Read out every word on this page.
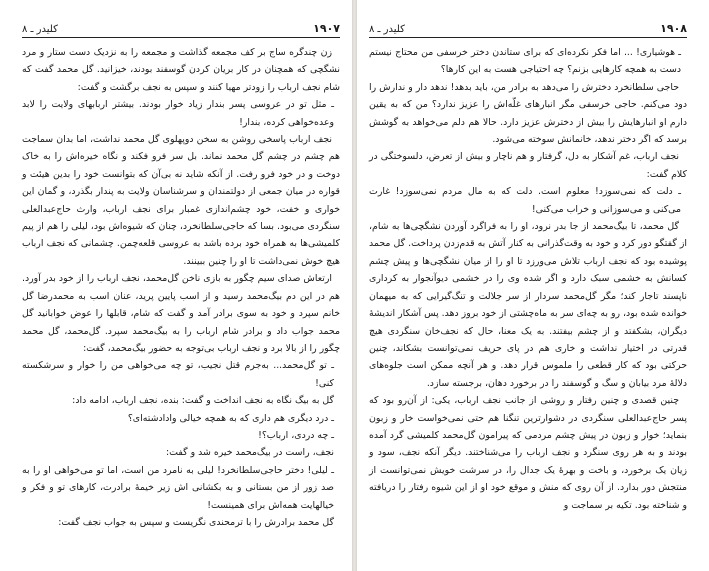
۱۹۰۷
کلیدر ـ ۸

زن چندگره ساج بر کف مجمعه گذاشت و مجمعه را به نزدیک دست ستار و مرد نشگچی که همچنان در کار بریان کردن گوسفند بودند، خیزانید. گل محمد گفت که شام نجف ارباب را زودتر مهیا کنند و سپس به نجف برگشت و گفت:

ـ مثل تو در عروسی پسر بندار زیاد خوار بودند. بیشتر اربابهای ولایت را لابد وعده‌خواهی کرده، بندار!

نجف ارباب پاسخی روشن به سخن دوپهلوی گل محمد نداشت، اما بدان سماجت هم چشم در چشم گل محمد نماند. بل سر فرو فکند و نگاه خیره‌اش را به خاک دوخت و در خود فرو رفت. از آنکه شاید نه بی‌آن که بتوانست خود را بدین هیئت و قواره در میان جمعی از دولتمندان و سرشناسان ولایت به پندار بگذرد، و گمان این خواری و خفت، خود چشم‌اندازی غمبار برای نجف ارباب، وارث حاج‌عبدالعلی سنگردی می‌بود. بسا که حاجی‌سلطانخرد، چنان که شیوه‌اش بود، لیلی را هم از پیم کلمیشی‌ها به همراه خود برده باشد به عروسی قلعه‌چمن. چشمانی که نجف ارباب هیچ خوش نمی‌داشت تا او را چنین ببینند.

ارتعاش صدای سیم چگور به بازی ناخن گل‌محمد، نجف ارباب را از خود بدر آورد. هم در این دم بیگ‌محمد رسید و از اسب پایین پرید، عنان اسب به محمدرضا گل خانم سپرد و خود به سوی برادر آمد و گفت که شام، قابلها را عوض خوابانید گل محمد جواب داد و برادر شام ارباب را به بیگ‌محمد سپرد. گل‌محمد، گل محمد چگور را از بالا برد و نجف ارباب بی‌توجه به حضور بیگ‌محمد، گفت:

ـ تو گل‌محمد... به‌جرم قتل نجیب، تو چه می‌خواهی من را خوار و سرشکسته کنی!

گل به بیگ نگاه به نجف انداخت و گفت: بنده، نجف ارباب، ادامه داد:

ـ درد دیگری هم داری که به همچه خیالی وادادشته‌ای؟

ـ چه دردی، ارباب؟!

نجف، راست در بیگ‌محمد خیره شد و گفت:

ـ لیلی! دختر حاجی‌سلطانخرد! لیلی به نامرد من است، اما تو می‌خواهی او را به صد زور از من بستانی و به بکشانی‌ اش زیر خیمهٔ برادرت، کارهای تو و فکر و خیالهایت همه‌اش برای همینست!

گل محمد برادرش را با ترمحندی نگریست و سپس به جواب نجف گفت:

۱۹۰۸
کلیدر ـ ۸

ـ هوشیاری! ... اما فکر نکرده‌ای که برای ستاندن دختر خرسفی من محتاج نیستم دست به همچه کارهایی بزنم؟ چه احتیاجی هست به این کارها؟

حاجی سلطانخرد دخترش را می‌دهد به برادر من، باید بدهد! ندهد دار و ندارش را دود می‌کنم. حاجی خرسفی مگر انبارهای غلّه‌اش را عزیز ندارد؟ من که به یقین دارم او انبارهایش را بیش از دخترش عزیز دارد. حالا هم دلم می‌خواهد به گوشش برسد که اگر دختر ندهد، خانمانش سوخته می‌شود.

نجف ارباب، غم آشکار به دل، گرفتار و هم ناچار و بیش از تعرض، دلسوختگی در کلام گفت:

ـ دلت که نمی‌سوزد! معلوم است. دلت که به مال مردم نمی‌سوزد! غارت می‌کنی و می‌سوزانی و خراب می‌کنی!

گل محمد، تا بیگ‌محمد از جا بدر نرود، او را به فراگرد آوردن نشگچی‌ها به شام، از گفتگو دور کرد و خود به وقت‌گذرانی به کنار آتش به قدم‌زدن پرداخت. گل محمد پوشیده بود که نجف ارباب تلاش می‌ورزد تا او را از میان نشگچی‌ها و پیش چشم کسانش به خشمی سبک دارد و اگر شده وی را در خشمی دیو‌آنجوار به کرداری ناپسند تاجار کند؛ مگر گل‌محمد سردار از سر جلالت و تنگ‌گیرایی که به میهمان خوانده شده بود، رو به چه‌ای‌ سر به ماه‌چشتی از خود بروز دهد. پس آشکار اندیشهٔ دیگران، بشکفتد و از چشم بیفتند. به یک معنا، حال که نجف‌خان سنگردی هیچ قدرتی در اختیار نداشت و خاری هم در پای حریف نمی‌توانست بشکاند، چنین حرکتی بود که کار قطعی را ملموس قرار دهد. و هر آنچه ممکن است جلوه‌های دلالهٔ مرد بیابان و سگ و گوسفند را در برخورد دهان، برجسته سازد.

چنین قصدی و چنین رفتار و روشی از جانب نجف ارباب، یکی: از آن‌رو بود که پسر حاج‌عبدالعلی سنگردی در دشوارترین تنگنا هم حتی نمی‌خواست خار و زبون بنماید؛ خوار و زبون در پیش چشم مردمی که پیرامون گل‌محمد کلمیشی گرد آمده بودند و به هر روی سنگرد و نجف ارباب را می‌شناختند. دیگر آنکه نجف، سود و زیان یک برخورد، و باخت و بهرهٔ یک جدال را، در سرشت خویش نمی‌توانست از منتجش دور بدارد. از آن روی که منش و موقع خود او از این شیوه رفتار را دریافته و شناخته بود. تکیه بر سماجت و
